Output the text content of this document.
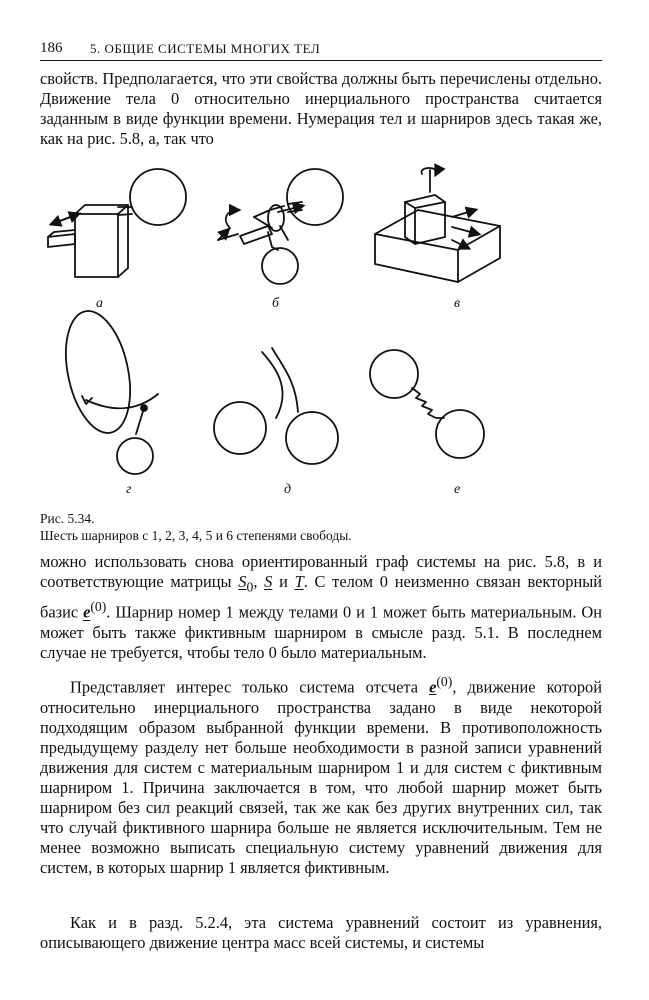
186	5. ОБЩИЕ СИСТЕМЫ МНОГИХ ТЕЛ

свойств. Предполагается, что эти свойства должны быть перечислены отдельно. Движение тела 0 относительно инерциального пространства считается заданным в виде функции времени. Нумерация тел и шарниров здесь такая же, как на рис. 5.8, а, так что

а	б	в
г	д	е
Рис. 5.34.
Шесть шарниров с 1, 2, 3, 4, 5 и 6 степенями свободы.

можно использовать снова ориентированный граф системы на рис. 5.8, в и соответствующие матрицы $S_0$, S и T. С телом 0 неизменно связан векторный базис $e^{(0)}$. Шарнир номер 1 между телами 0 и 1 может быть материальным. Он может быть также фиктивным шарниром в смысле разд. 5.1. В последнем случае не требуется, чтобы тело 0 было материальным.

Представляет интерес только система отсчета $e^{(0)}$, движение которой относительно инерциального пространства задано в виде некоторой подходящим образом выбранной функции времени. В противоположность предыдущему разделу нет больше необходимости в разной записи уравнений движения для систем с материальным шарниром 1 и для систем с фиктивным шарниром 1. Причина заключается в том, что любой шарнир может быть шарниром без сил реакций связей, так же как без других внутренних сил, так что случай фиктивного шарнира больше не является исключительным. Тем не менее возможно выписать специальную систему уравнений движения для систем, в которых шарнир 1 является фиктивным.

Как и в разд. 5.2.4, эта система уравнений состоит из уравнения, описывающего движение центра масс всей системы, и системы
